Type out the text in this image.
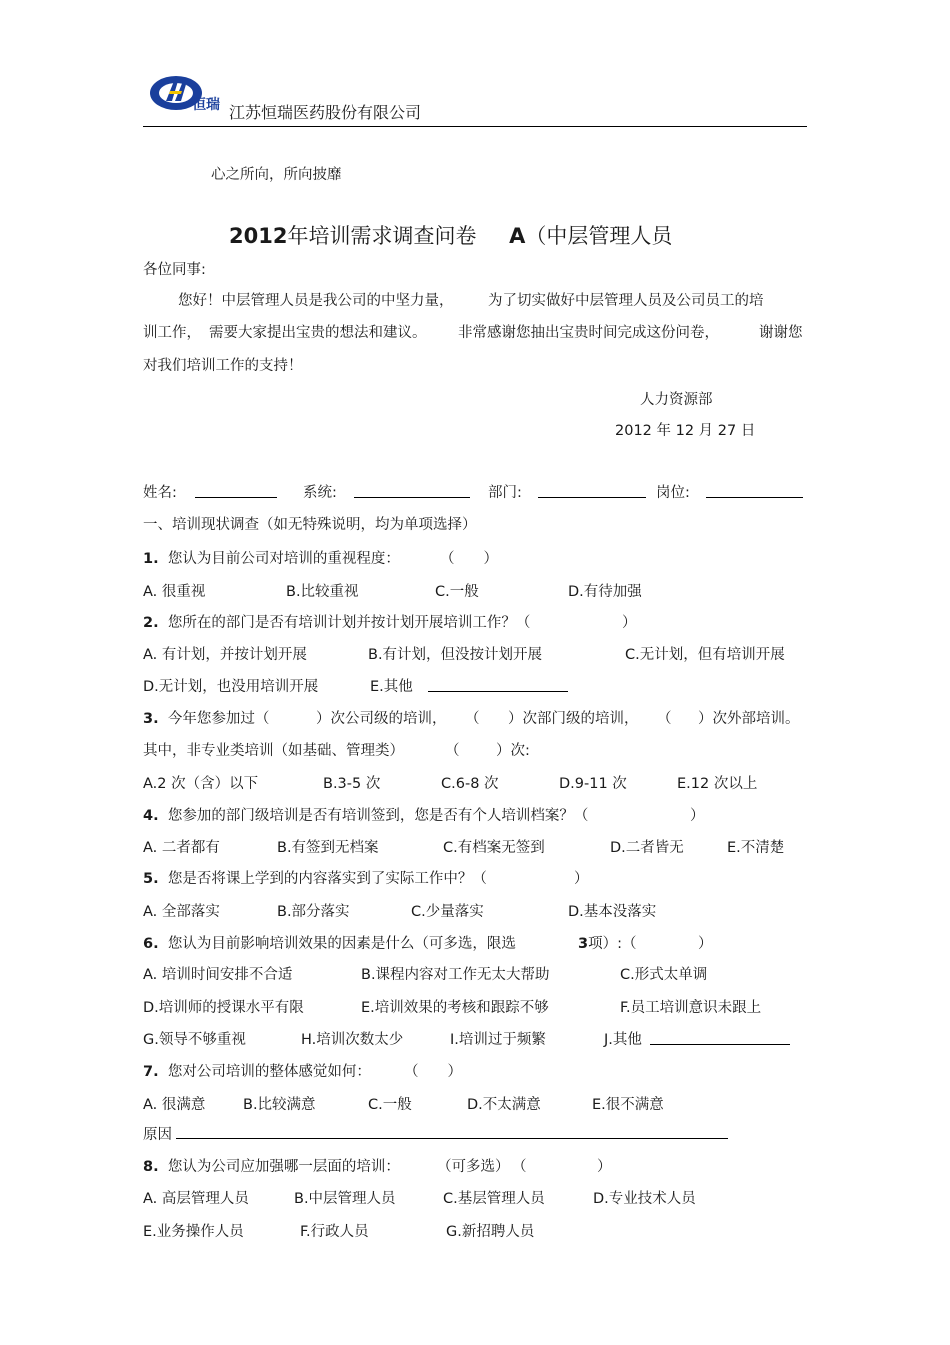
恒瑞 江苏恒瑞医药股份有限公司
心之所向，所向披靡
2012年培训需求调查问卷 A（中层管理人员
各位同事:
您好！中层管理人员是我公司的中坚力量， 为了切实做好中层管理人员及公司员工的培
训工作， 需要大家提出宝贵的想法和建议。 非常感谢您抽出宝贵时间完成这份问卷，	谢谢您
对我们培训工作的支持！
人力资源部
2012 年 12 月 27 日
姓名:	系统:	部门:	岗位:
一、培训现状调查（如无特殊说明，均为单项选择）
1. 您认为目前公司对培训的重视程度：	（　　）
A. 很重视	B.比较重视	C.一般	D.有待加强
2. 您所在的部门是否有培训计划并按计划开展培训工作？（	）
A. 有计划，并按计划开展	B.有计划，但没按计划开展	C.无计划，但有培训开展
D.无计划，也没用培训开展	E.其他
3. 今年您参加过（	）次公司级的培训， （ ）次部门级的培训， （ ）次外部培训。
其中，非专业类培训（如基础、管理类）	（	）次:
A.2 次（含）以下	B.3-5 次	C.6-8 次	D.9-11 次	E.12 次以上
4. 您参加的部门级培训是否有培训签到，您是否有个人培训档案？（	）
A. 二者都有	B.有签到无档案	C.有档案无签到	D.二者皆无	E.不清楚
5. 您是否将课上学到的内容落实到了实际工作中？（	）
A. 全部落实	B.部分落实	C.少量落实	D.基本没落实
6. 您认为目前影响培训效果的因素是什么（可多选，限选	3项）:（	）
A. 培训时间安排不合适	B.课程内容对工作无太大帮助	C.形式太单调
D.培训师的授课水平有限	E.培训效果的考核和跟踪不够	F.员工培训意识未跟上
G.领导不够重视	H.培训次数太少	I.培训过于频繁	J.其他
7. 您对公司培训的整体感觉如何： （　　）
A. 很满意	B.比较满意	C.一般	D.不太满意	E.很不满意
原因
8. 您认为公司应加强哪一层面的培训：	（可多选） （	）
A. 高层管理人员	B.中层管理人员	C.基层管理人员	D.专业技术人员
E.业务操作人员	F.行政人员	G.新招聘人员
